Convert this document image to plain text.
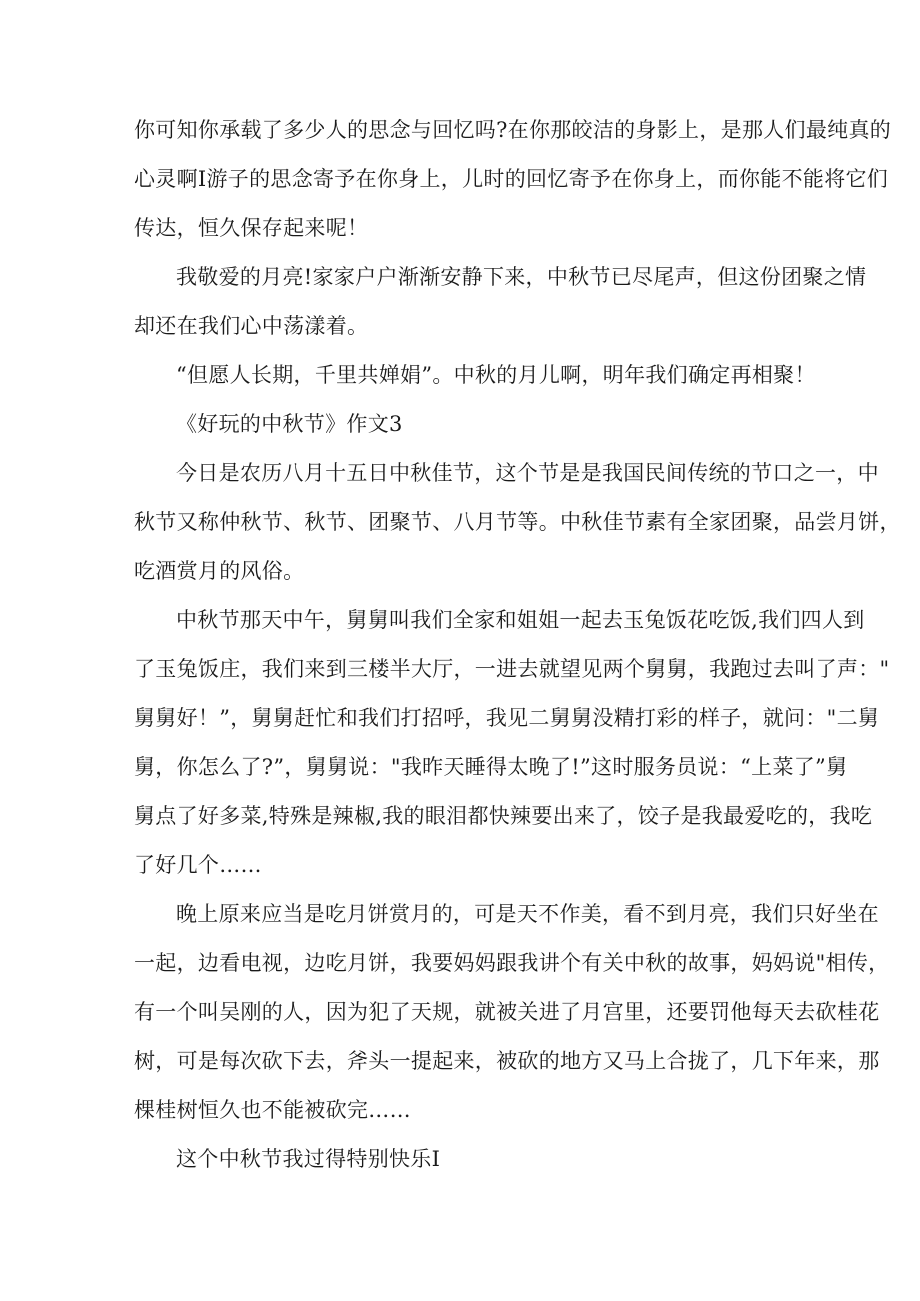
你可知你承载了多少人的思念与回忆吗?在你那皎洁的身影上，是那人们最纯真的
心灵啊I游子的思念寄予在你身上，儿时的回忆寄予在你身上，而你能不能将它们
传达，恒久保存起来呢！
我敬爱的月亮!家家户户渐渐安静下来，中秋节已尽尾声，但这份团聚之情
却还在我们心中荡漾着。
“但愿人长期，千里共婵娟”。中秋的月儿啊，明年我们确定再相聚！
《好玩的中秋节》作文3
今日是农历八月十五日中秋佳节，这个节是是我国民间传统的节口之一，中
秋节又称仲秋节、秋节、团聚节、八月节等。中秋佳节素有全家团聚，品尝月饼，
吃酒赏月的风俗。
中秋节那天中午，舅舅叫我们全家和姐姐一起去玉兔饭花吃饭,我们四人到
了玉兔饭庄，我们来到三楼半大厅，一进去就望见两个舅舅，我跑过去叫了声："
舅舅好！”，舅舅赶忙和我们打招呼，我见二舅舅没精打彩的样子，就问："二舅
舅，你怎么了?”，舅舅说："我昨天睡得太晚了!”这时服务员说：“上菜了”舅
舅点了好多菜,特殊是辣椒,我的眼泪都快辣要出来了，饺子是我最爱吃的，我吃
了好几个……
晚上原来应当是吃月饼赏月的，可是天不作美，看不到月亮，我们只好坐在
一起，边看电视，边吃月饼，我要妈妈跟我讲个有关中秋的故事，妈妈说"相传，
有一个叫吴刚的人，因为犯了天规，就被关进了月宫里，还要罚他每天去砍桂花
树，可是每次砍下去，斧头一提起来，被砍的地方又马上合拢了，几下年来，那
棵桂树恒久也不能被砍完……
这个中秋节我过得特别快乐I
